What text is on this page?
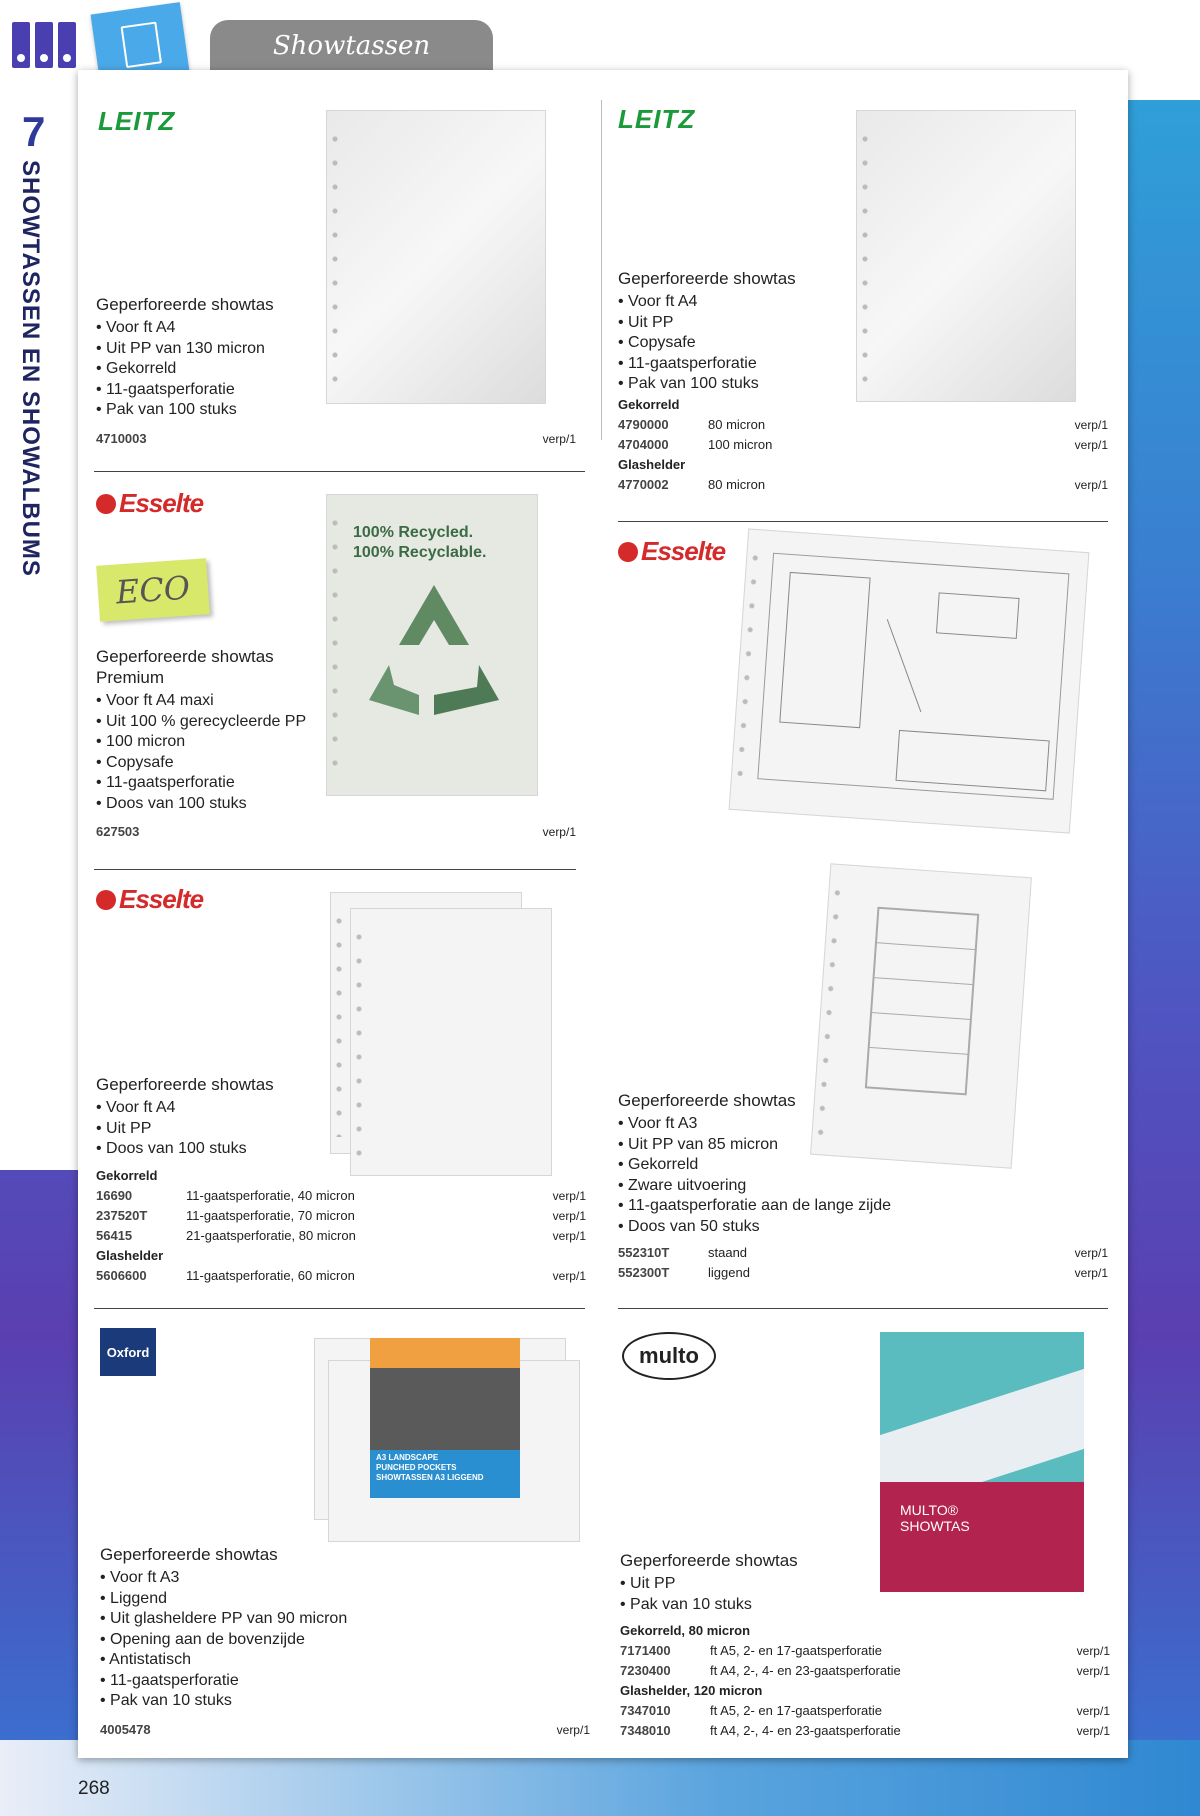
Showtassen
7
SHOWTASSEN EN SHOWALBUMS
LEITZ
Geperforeerde showtas
• Voor ft A4
• Uit PP van 130 micron
• Gekorreld
• 11-gaatsperforatie
• Pak van 100 stuks
4710003	verp/1
LEITZ
Geperforeerde showtas
• Voor ft A4
• Uit PP
• Copysafe
• 11-gaatsperforatie
• Pak van 100 stuks
Gekorreld
4790000	80 micron	verp/1
4704000	100 micron	verp/1
Glashelder
4770002	80 micron	verp/1
Esselte
ECO
100% Recycled.
100% Recyclable.
Geperforeerde showtas Premium
• Voor ft A4 maxi
• Uit 100 % gerecycleerde PP
• 100 micron
• Copysafe
• 11-gaatsperforatie
• Doos van 100 stuks
627503	verp/1
Esselte
Esselte
Geperforeerde showtas
• Voor ft A4
• Uit PP
• Doos van 100 stuks
Gekorreld
16690	11-gaatsperforatie, 40 micron	verp/1
237520T	11-gaatsperforatie, 70 micron	verp/1
56415	21-gaatsperforatie, 80 micron	verp/1
Glashelder
5606600	11-gaatsperforatie, 60 micron	verp/1
Geperforeerde showtas
• Voor ft A3
• Uit PP van 85 micron
• Gekorreld
• Zware uitvoering
• 11-gaatsperforatie aan de lange zijde
• Doos van 50 stuks
552310T	staand	verp/1
552300T	liggend	verp/1
Oxford
A3 LANDSCAPE
PUNCHED POCKETS
SHOWTASSEN A3 LIGGEND
Geperforeerde showtas
• Voor ft A3
• Liggend
• Uit glasheldere PP van 90 micron
• Opening aan de bovenzijde
• Antistatisch
• 11-gaatsperforatie
• Pak van 10 stuks
4005478	verp/1
multo
MULTO®
SHOWTAS
Geperforeerde showtas
• Uit PP
• Pak van 10 stuks
Gekorreld, 80 micron
7171400	ft A5, 2- en 17-gaatsperforatie	verp/1
7230400	ft A4, 2-, 4- en 23-gaatsperforatie	verp/1
Glashelder, 120 micron
7347010	ft A5, 2- en 17-gaatsperforatie	verp/1
7348010	ft A4, 2-, 4- en 23-gaatsperforatie	verp/1
268
